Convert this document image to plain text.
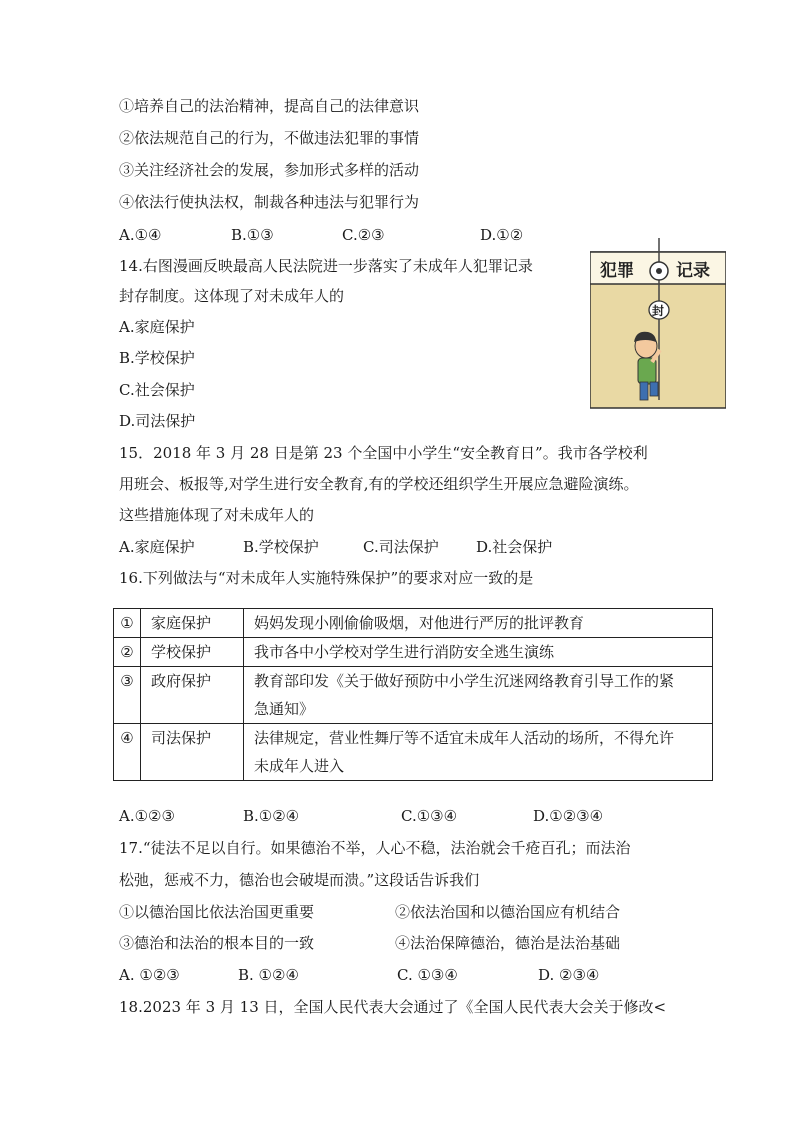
①培养自己的法治精神，提高自己的法律意识
②依法规范自己的行为，不做违法犯罪的事情
③关注经济社会的发展，参加形式多样的活动
④依法行使执法权，制裁各种违法与犯罪行为
A.①④	B.①③	C.②③	D.①②
14.右图漫画反映最高人民法院进一步落实了未成年人犯罪记录
封存制度。这体现了对未成年人的
A.家庭保护
B.学校保护
C.社会保护
D.司法保护
犯罪 记录
封
15．2018 年 3 月 28 日是第 23 个全国中小学生“安全教育日”。我市各学校利
用班会、板报等,对学生进行安全教育,有的学校还组织学生开展应急避险演练。
这些措施体现了对未成年人的
A.家庭保护	B.学校保护	C.司法保护 D.社会保护
16.下列做法与“对未成年人实施特殊保护”的要求对应一致的是
①	家庭保护	妈妈发现小刚偷偷吸烟，对他进行严厉的批评教育
②	学校保护	我市各中小学校对学生进行消防安全逃生演练
③	政府保护	教育部印发《关于做好预防中小学生沉迷网络教育引导工作的紧
急通知》

④	司法保护	法律规定，营业性舞厅等不适宜未成年人活动的场所，不得允许
未成年人进入
A.①②③	B.①②④	C.①③④	D.①②③④
17.“徒法不足以自行。如果德治不举，人心不稳，法治就会千疮百孔；而法治
松弛，惩戒不力，德治也会破堤而溃。”这段话告诉我们
①以德治国比依法治国更重要	②依法治国和以德治国应有机结合
③德治和法治的根本目的一致	④法治保障德治，德治是法治基础
A. ①②③	B. ①②④	C. ①③④	D. ②③④
18.2023 年 3 月 13 日，全国人民代表大会通过了《全国人民代表大会关于修改<
